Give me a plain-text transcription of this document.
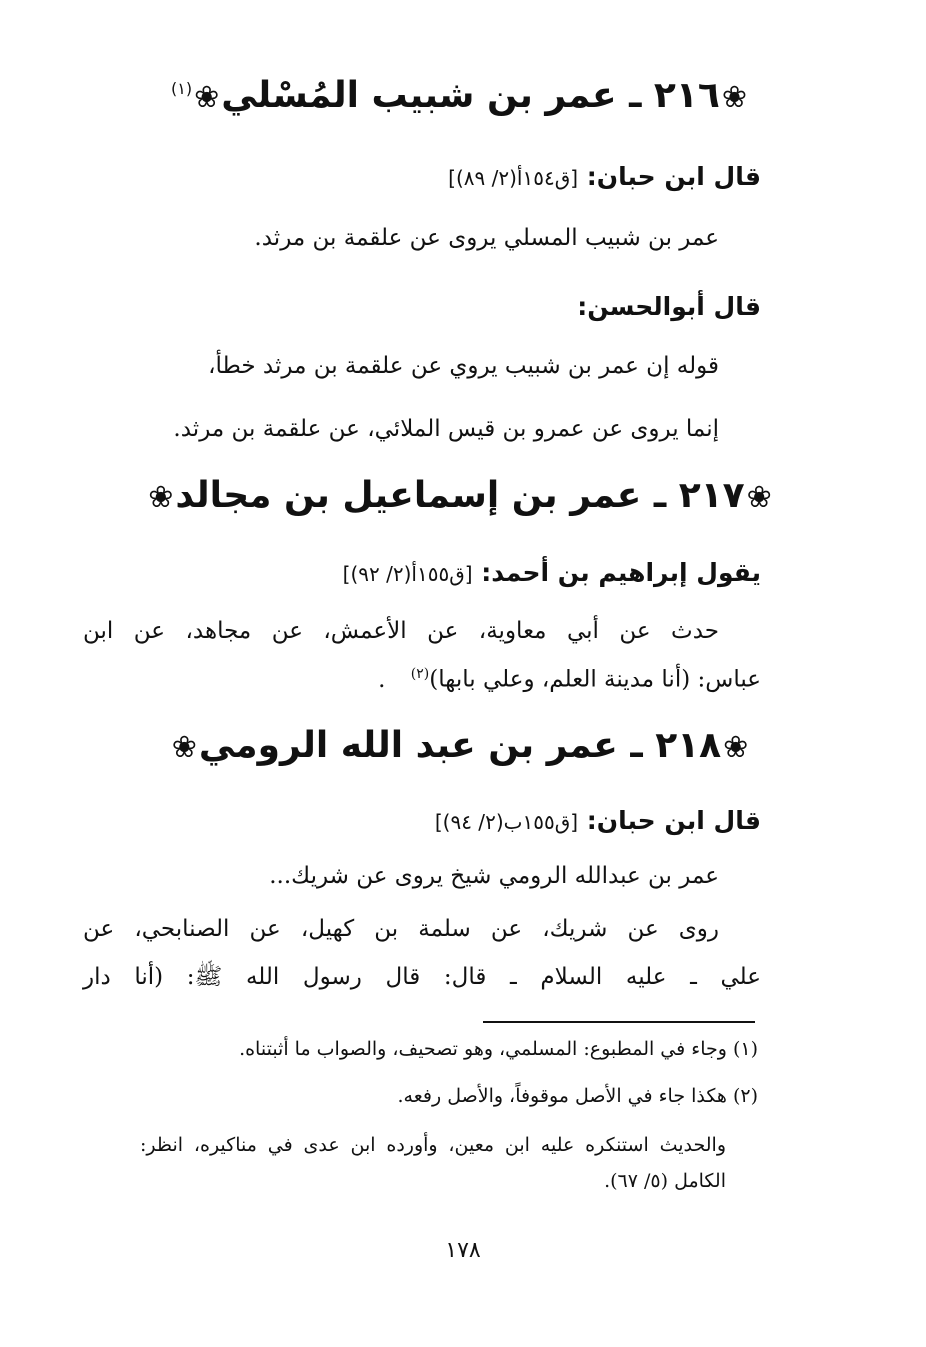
❀٢١٦ ـ عمر بن شبيب المُسْلي❀$^{(١)}$
قال ابن حبان: [ق١٥٤أ(٢/ ٨٩)]
عمر بن شبيب المسلي يروى عن علقمة بن مرثد.
قال أبوالحسن:
قوله إن عمر بن شبيب يروي عن علقمة بن مرثد خطأ،
إنما يروى عن عمرو بن قيس الملائي، عن علقمة بن مرثد.
❀٢١٧ ـ عمر بن إسماعيل بن مجالد❀
يقول إبراهيم بن أحمد: [ق١٥٥أ(٢/ ٩٢)]
حدث عن أبي معاوية، عن الأعمش، عن مجاهد، عن ابن
عباس: (أنا مدينة العلم، وعلي بابها)$^{(٢)}$ .
❀٢١٨ ـ عمر بن عبد الله الرومي❀
قال ابن حبان: [ق١٥٥ب(٢/ ٩٤)]
عمر بن عبدالله الرومي شيخ يروى عن شريك...
روى عن شريك، عن سلمة بن كهيل، عن الصنابحي، عن
علي ـ عليه السلام ـ قال: قال رسول الله ﷺ: (أنا دار
(١) وجاء في المطبوع: المسلمي، وهو تصحيف، والصواب ما أثبتناه.
(٢) هكذا جاء في الأصل موقوفاً، والأصل رفعه.
والحديث استنكره عليه ابن معين، وأورده ابن عدى في مناكيره، انظر:
الكامل (٥/ ٦٧).
١٧٨
